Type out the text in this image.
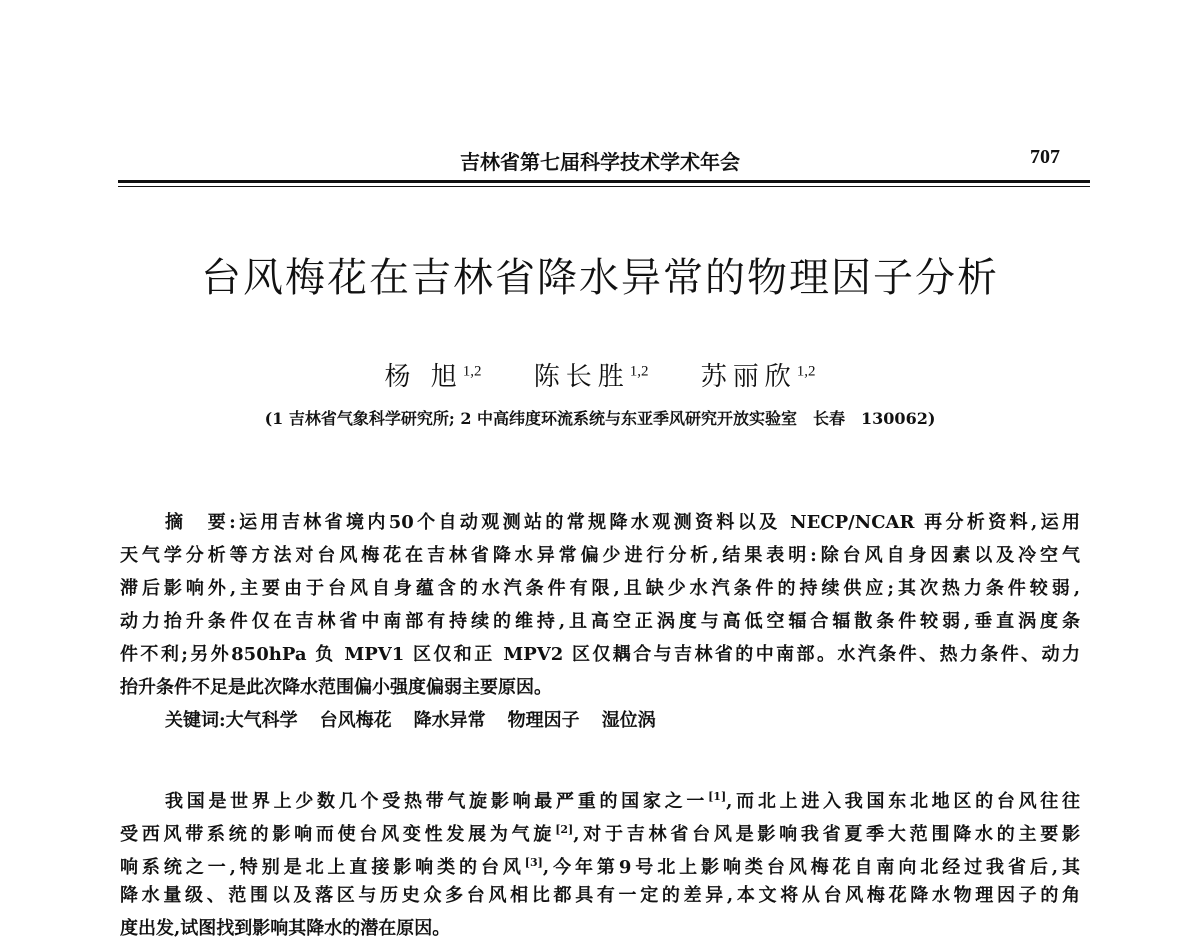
吉林省第七届科学技术学术年会	707
台风梅花在吉林省降水异常的物理因子分析
杨 旭$^{1,2}$ 陈长胜$^{1,2}$ 苏丽欣$^{1,2}$
(1 吉林省气象科学研究所; 2 中高纬度环流系统与东亚季风研究开放实验室　长春　130062)
摘　要:运用吉林省境内50个自动观测站的常规降水观测资料以及 NECP/NCAR 再分析资料,运用
天气学分析等方法对台风梅花在吉林省降水异常偏少进行分析,结果表明:除台风自身因素以及冷空气
滞后影响外,主要由于台风自身蕴含的水汽条件有限,且缺少水汽条件的持续供应;其次热力条件较弱,
动力抬升条件仅在吉林省中南部有持续的维持,且高空正涡度与高低空辐合辐散条件较弱,垂直涡度条
件不利;另外850hPa 负 MPV1 区仅和正 MPV2 区仅耦合与吉林省的中南部。水汽条件、热力条件、动力
抬升条件不足是此次降水范围偏小强度偏弱主要原因。
关键词:大气科学 台风梅花 降水异常 物理因子 湿位涡
我国是世界上少数几个受热带气旋影响最严重的国家之一[1],而北上进入我国东北地区的台风往往
受西风带系统的影响而使台风变性发展为气旋[2],对于吉林省台风是影响我省夏季大范围降水的主要影
响系统之一,特别是北上直接影响类的台风[3],今年第9号北上影响类台风梅花自南向北经过我省后,其
降水量级、范围以及落区与历史众多台风相比都具有一定的差异,本文将从台风梅花降水物理因子的角
度出发,试图找到影响其降水的潜在原因。
